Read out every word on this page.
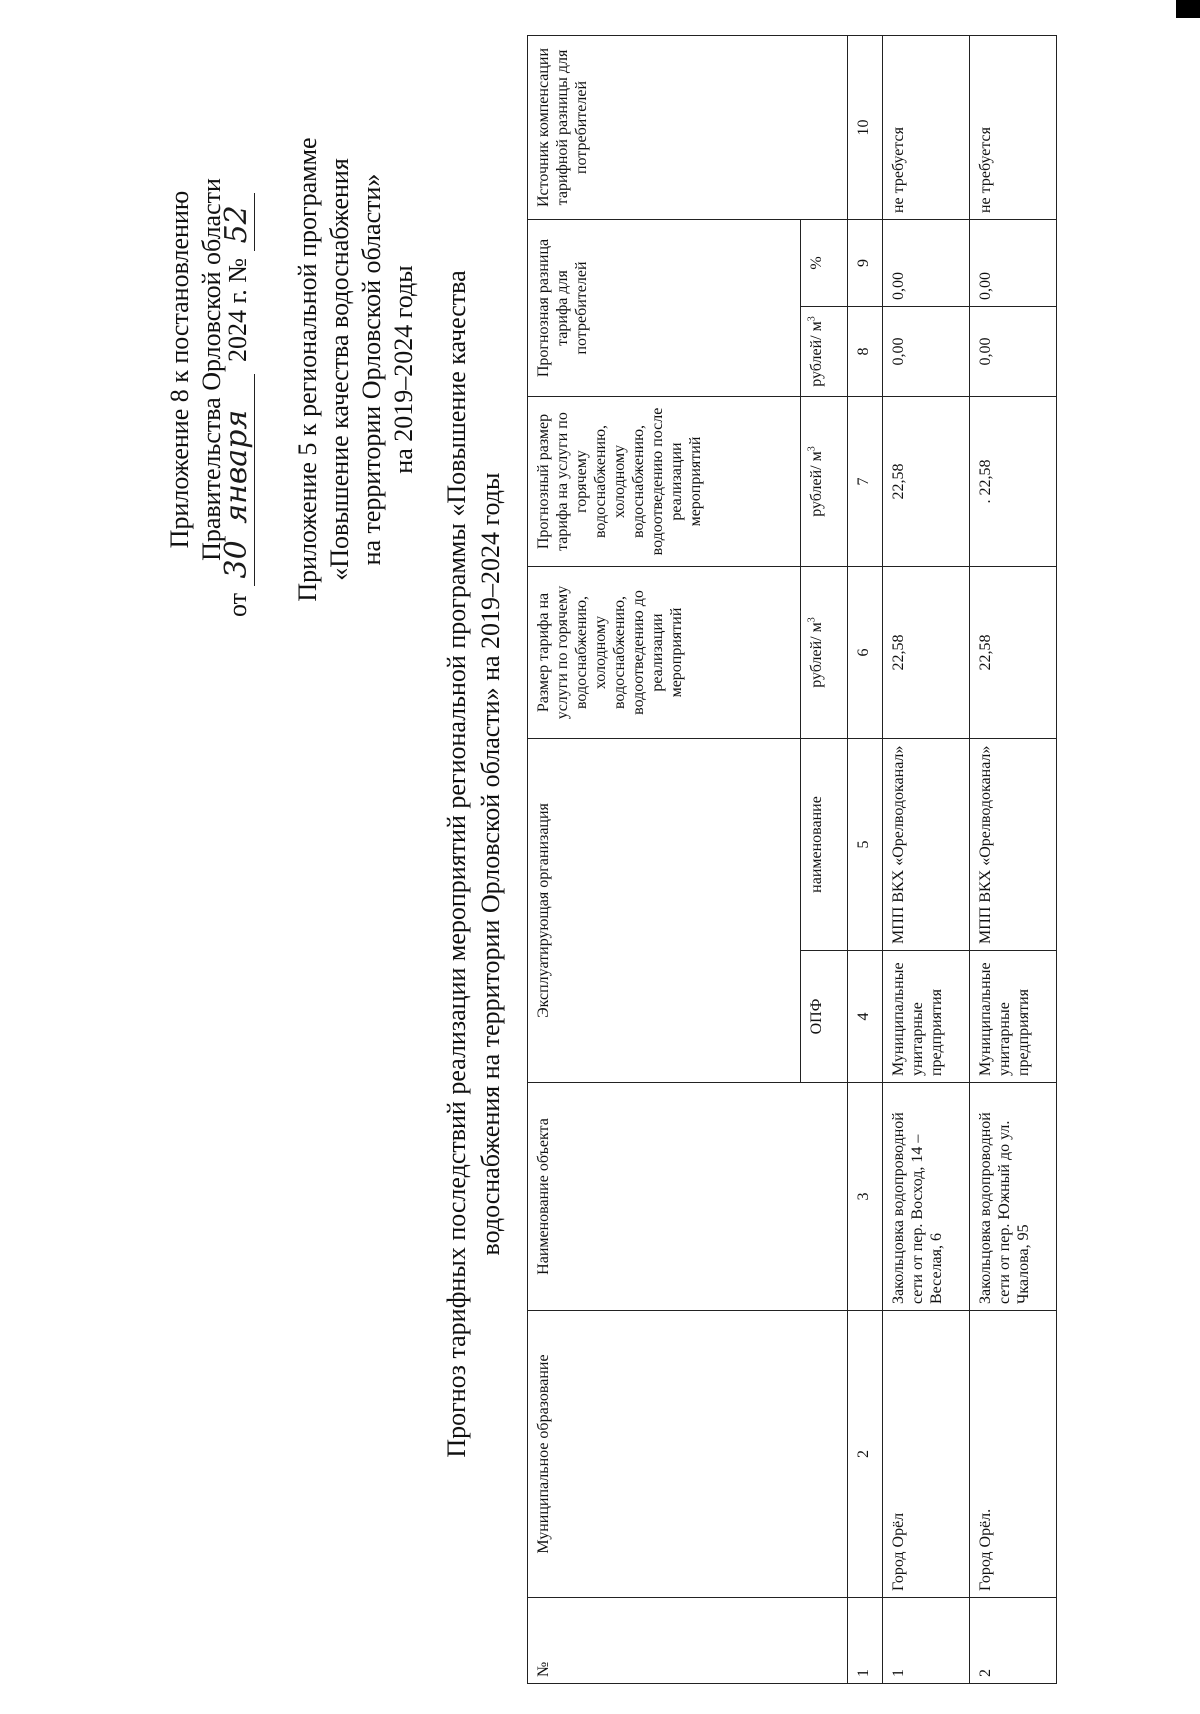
Приложение 8 к постановлению Правительства Орловской области
от 30 января 2024 г. № 52 Приложение 5 к региональной программе «Повышение качества водоснабжения на территории Орловской области» на 2019–2024 годы Прогноз тарифных последствий реализации мероприятий региональной программы «Повышение качества водоснабжения на территории Орловской области» на 2019–2024 годы
№	Муниципальное образование	Наименование объекта	Эксплуатирующая организация		Размер тарифа на услуги по горячему водоснабжению, холодному водоснабжению, водоотведению до реализации мероприятий	Прогнозный размер тарифа на услуги по горячему водоснабжению, холодному водоснабжению, водоотведению после реализации мероприятий	Прогнозная разница тарифа для потребителей		Источник компенсации тарифной разницы для потребителей
			ОПФ	наименование	рублей/ $м^3$	рублей/ $м^3$	рублей/ $м^3$	%	
1	2	3	4	5	6	7	8	9	10
1	Город Орёл	Закольцовка водопроводной сети от пер. Восход, 14 – Веселая, 6	Муниципальные унитарные предприятия	МПП ВКХ «Орелводоканал»	22,58	22,58	0,00	0,00	не требуется
2	Город Орёл.	Закольцовка водопроводной сети от пер. Южный до ул. Чкалова, 95	Муниципальные унитарные предприятия	МПП ВКХ «Орелводоканал»	22,58	. 22,58	0,00	0,00	не требуется
